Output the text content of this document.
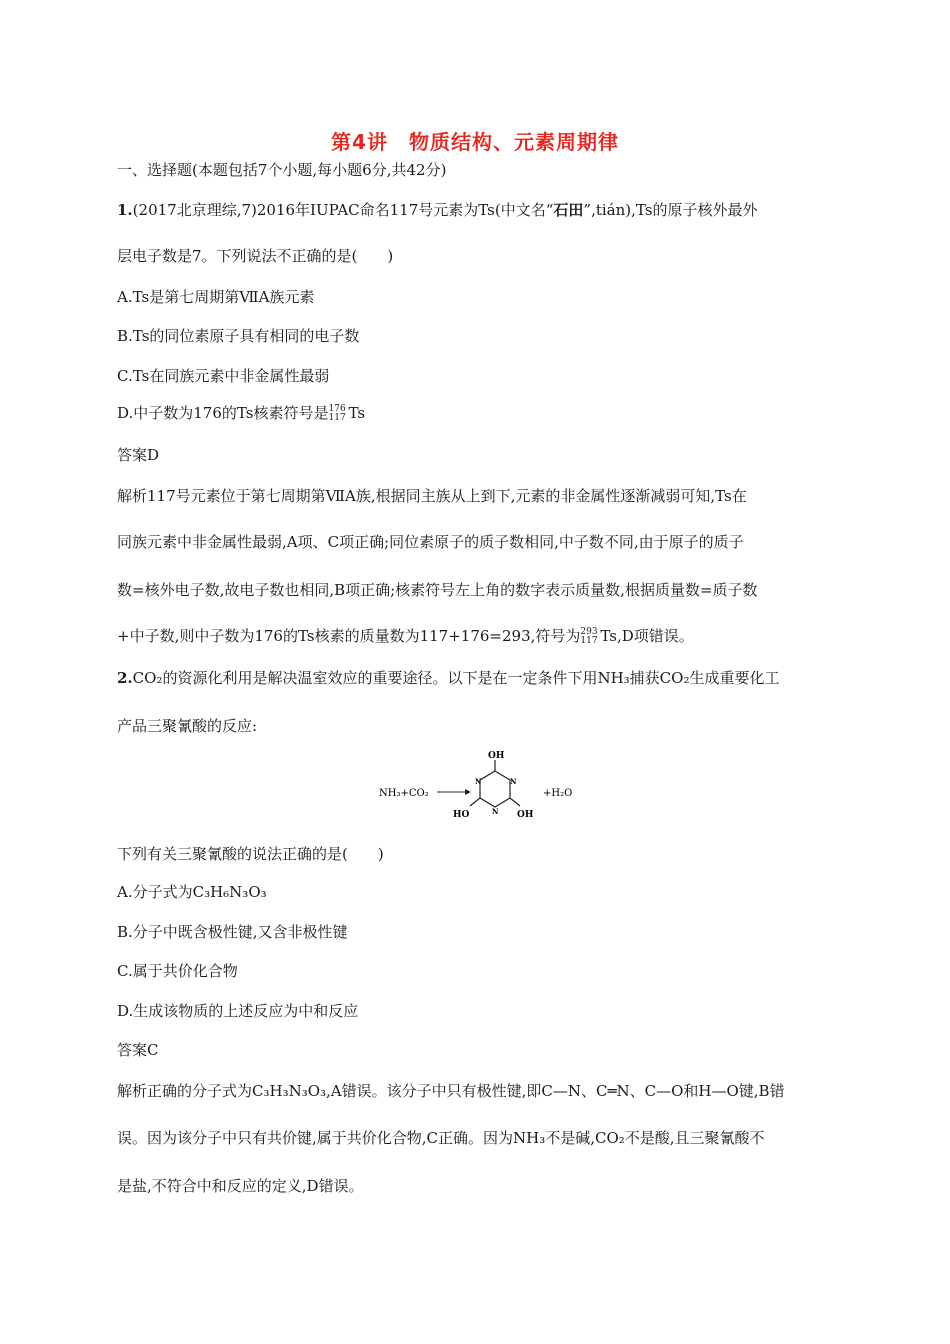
第4讲　物质结构、元素周期律
一、选择题(本题包括7个小题,每小题6分,共42分)
1.(2017北京理综,7)2016年IUPAC命名117号元素为Ts(中文名“石田”,tián),Ts的原子核外最外
层电子数是7。下列说法不正确的是(　　)
A.Ts是第七周期第ⅦA族元素
B.Ts的同位素原子具有相同的电子数
C.Ts在同族元素中非金属性最弱
D.中子数为176的Ts核素符号是 176
117 Ts
答案D
解析117号元素位于第七周期第ⅦA族,根据同主族从上到下,元素的非金属性逐渐减弱可知,Ts在
同族元素中非金属性最弱,A项、C项正确;同位素原子的质子数相同,中子数不同,由于原子的质子
数=核外电子数,故电子数也相同,B项正确;核素符号左上角的数字表示质量数,根据质量数=质子数
+中子数,则中子数为176的Ts核素的质量数为117+176=293,符号为 293
117 Ts,D项错误。
2.CO₂的资源化利用是解决温室效应的重要途径。以下是在一定条件下用NH₃捕获CO₂生成重要化工
产品三聚氰酸的反应:
NH₃+CO₂
OH
HO	OH
N
N
N
+H₂O
下列有关三聚氰酸的说法正确的是(　　)
A.分子式为C₃H₆N₃O₃
B.分子中既含极性键,又含非极性键
C.属于共价化合物
D.生成该物质的上述反应为中和反应
答案C
解析正确的分子式为C₃H₃N₃O₃,A错误。该分子中只有极性键,即C—N、C═N、C—O和H—O键,B错
误。因为该分子中只有共价键,属于共价化合物,C正确。因为NH₃不是碱,CO₂不是酸,且三聚氰酸不
是盐,不符合中和反应的定义,D错误。
